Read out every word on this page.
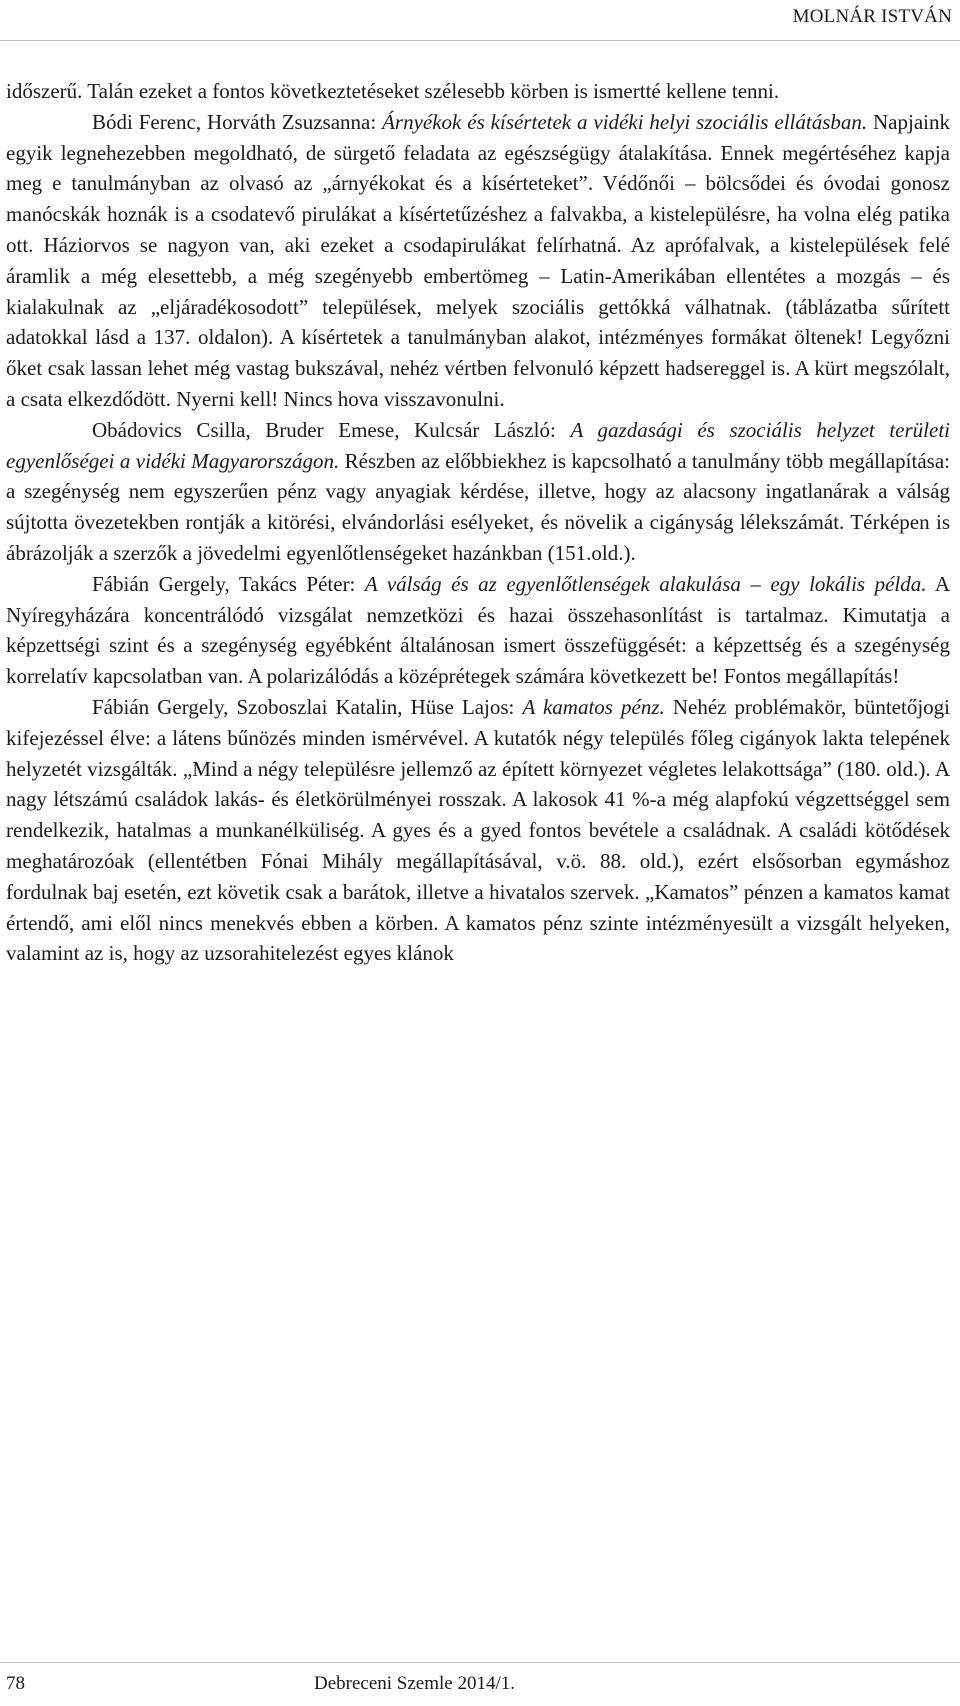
MOLNÁR ISTVÁN

időszerű. Talán ezeket a fontos következtetéseket szélesebb körben is ismertté kellene tenni.

Bódi Ferenc, Horváth Zsuzsanna: Árnyékok és kísértetek a vidéki helyi szociális ellátásban. Napjaink egyik legnehezebben megoldható, de sürgető feladata az egészségügy átalakítása. Ennek megértéséhez kapja meg e tanulmányban az olvasó az „árnyékokat és a kísérteteket”. Védőnői – bölcsődei és óvodai gonosz manócskák hoznák is a csodatevő pirulákat a kísértetűzéshez a falvakba, a kistelepülésre, ha volna elég patika ott. Háziorvos se nagyon van, aki ezeket a csodapirulákat felírhatná. Az aprófalvak, a kistelepülések felé áramlik a még elesettebb, a még szegényebb embertömeg – Latin-Amerikában ellentétes a mozgás – és kialakulnak az „eljáradékosodott” települések, melyek szociális gettókká válhatnak. (táblázatba sűrített adatokkal lásd a 137. oldalon). A kísértetek a tanulmányban alakot, intézményes formákat öltenek! Legyőzni őket csak lassan lehet még vastag bukszával, nehéz vértben felvonuló képzett hadsereggel is. A kürt megszólalt, a csata elkezdődött. Nyerni kell! Nincs hova visszavonulni.

Obádovics Csilla, Bruder Emese, Kulcsár László: A gazdasági és szociális helyzet területi egyenlőségei a vidéki Magyarországon. Részben az előbbiekhez is kapcsolható a tanulmány több megállapítása: a szegénység nem egyszerűen pénz vagy anyagiak kérdése, illetve, hogy az alacsony ingatlanárak a válság sújtotta övezetekben rontják a kitörési, elvándorlási esélyeket, és növelik a cigányság lélekszámát. Térképen is ábrázolják a szerzők a jövedelmi egyenlőtlenségeket hazánkban (151.old.).

Fábián Gergely, Takács Péter: A válság és az egyenlőtlenségek alakulása – egy lokális példa. A Nyíregyházára koncentrálódó vizsgálat nemzetközi és hazai összehasonlítást is tartalmaz. Kimutatja a képzettségi szint és a szegénység egyébként általánosan ismert összefüggését: a képzettség és a szegénység korrelatív kapcsolatban van. A polarizálódás a középrétegek számára következett be! Fontos megállapítás!

Fábián Gergely, Szoboszlai Katalin, Hüse Lajos: A kamatos pénz. Nehéz problémakör, büntetőjogi kifejezéssel élve: a látens bűnözés minden ismérvével. A kutatók négy település főleg cigányok lakta telepének helyzetét vizsgálták. „Mind a négy településre jellemző az épített környezet végletes lelakottsága” (180. old.). A nagy létszámú családok lakás- és életkörülményei rosszak. A lakosok 41 %-a még alapfokú végzettséggel sem rendelkezik, hatalmas a munkanélküliség. A gyes és a gyed fontos bevétele a családnak. A családi kötődések meghatározóak (ellentétben Fónai Mihály megállapításával, v.ö. 88. old.), ezért elsősorban egymáshoz fordulnak baj esetén, ezt követik csak a barátok, illetve a hivatalos szervek. „Kamatos” pénzen a kamatos kamat értendő, ami elől nincs menekvés ebben a körben. A kamatos pénz szinte intézményesült a vizsgált helyeken, valamint az is, hogy az uzsorahitelezést egyes klánok

78	Debreceni Szemle 2014/1.
